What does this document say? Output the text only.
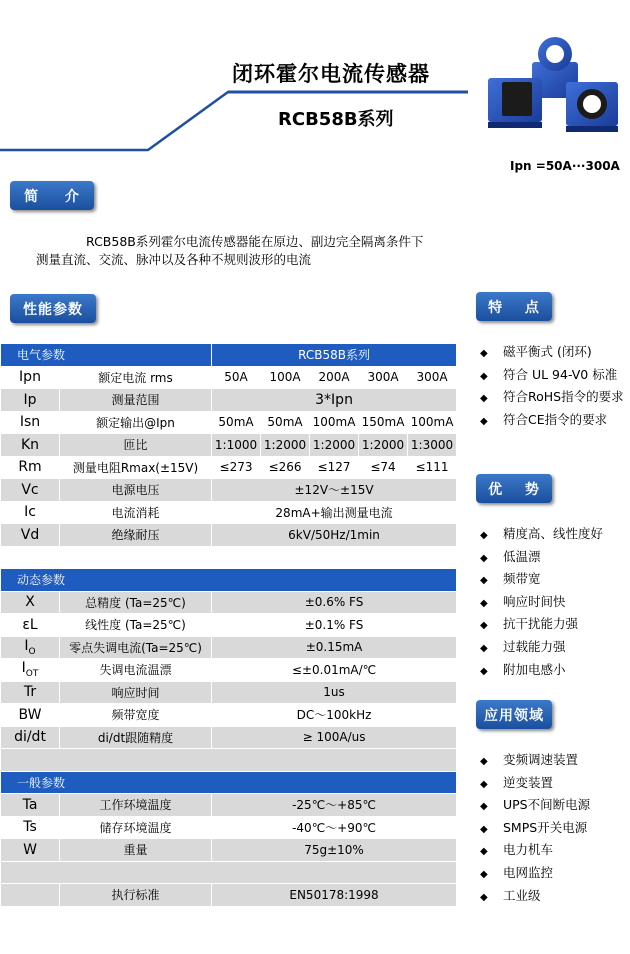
闭环霍尔电流传感器
RCB58B系列
Ipn =50A···300A
简 介

RCB58B系列霍尔电流传感器能在原边、副边完全隔离条件下

测量直流、交流、脉冲以及各种不规则波形的电流

性能参数
电气参数		RCB58B系列				
Ipn	额定电流 rms	50A	100A	200A	300A	300A
Ip	测量范围	3*Ipn				
Isn	额定输出@Ipn	50mA	50mA	100mA	150mA	100mA
Kn	匝比	1:1000	1:2000	1:2000	1:2000	1:3000
Rm	测量电阻Rmax(±15V)	≤273	≤266	≤127	≤74	≤111
Vc	电源电压	±12V～±15V				
Ic	电流消耗	28mA+输出测量电流				
Vd	绝缘耐压	6kV/50Hz/1min				

动态参数						
X	总精度 (Ta=25℃)	±0.6% FS				
εL	线性度 (Ta=25℃)	±0.1% FS				
$I_O$	零点失调电流(Ta=25℃)	±0.15mA				
$I_{OT}$	失调电流温漂	≤±0.01mA/℃				
Tr	响应时间	1us				
BW	频带宽度	DC～100kHz				
di/dt	di/dt跟随精度	≥ 100A/us				

一般参数						
Ta	工作环境温度	-25℃～+85℃				
Ts	储存环境温度	-40℃～+90℃				
W	重量	75g±10%				

	执行标准	EN50178:1998				
特 点
◆ 磁平衡式 (闭环)
◆ 符合 UL 94-V0 标准
◆ 符合RoHS指令的要求
◆ 符合CE指令的要求
优 势
◆ 精度高、线性度好
◆ 低温漂
◆ 频带宽
◆ 响应时间快
◆ 抗干扰能力强
◆ 过载能力强
◆ 附加电感小
应用领域
◆ 变频调速装置
◆ 逆变装置
◆ UPS不间断电源
◆ SMPS开关电源
◆ 电力机车
◆ 电网监控
◆ 工业级
